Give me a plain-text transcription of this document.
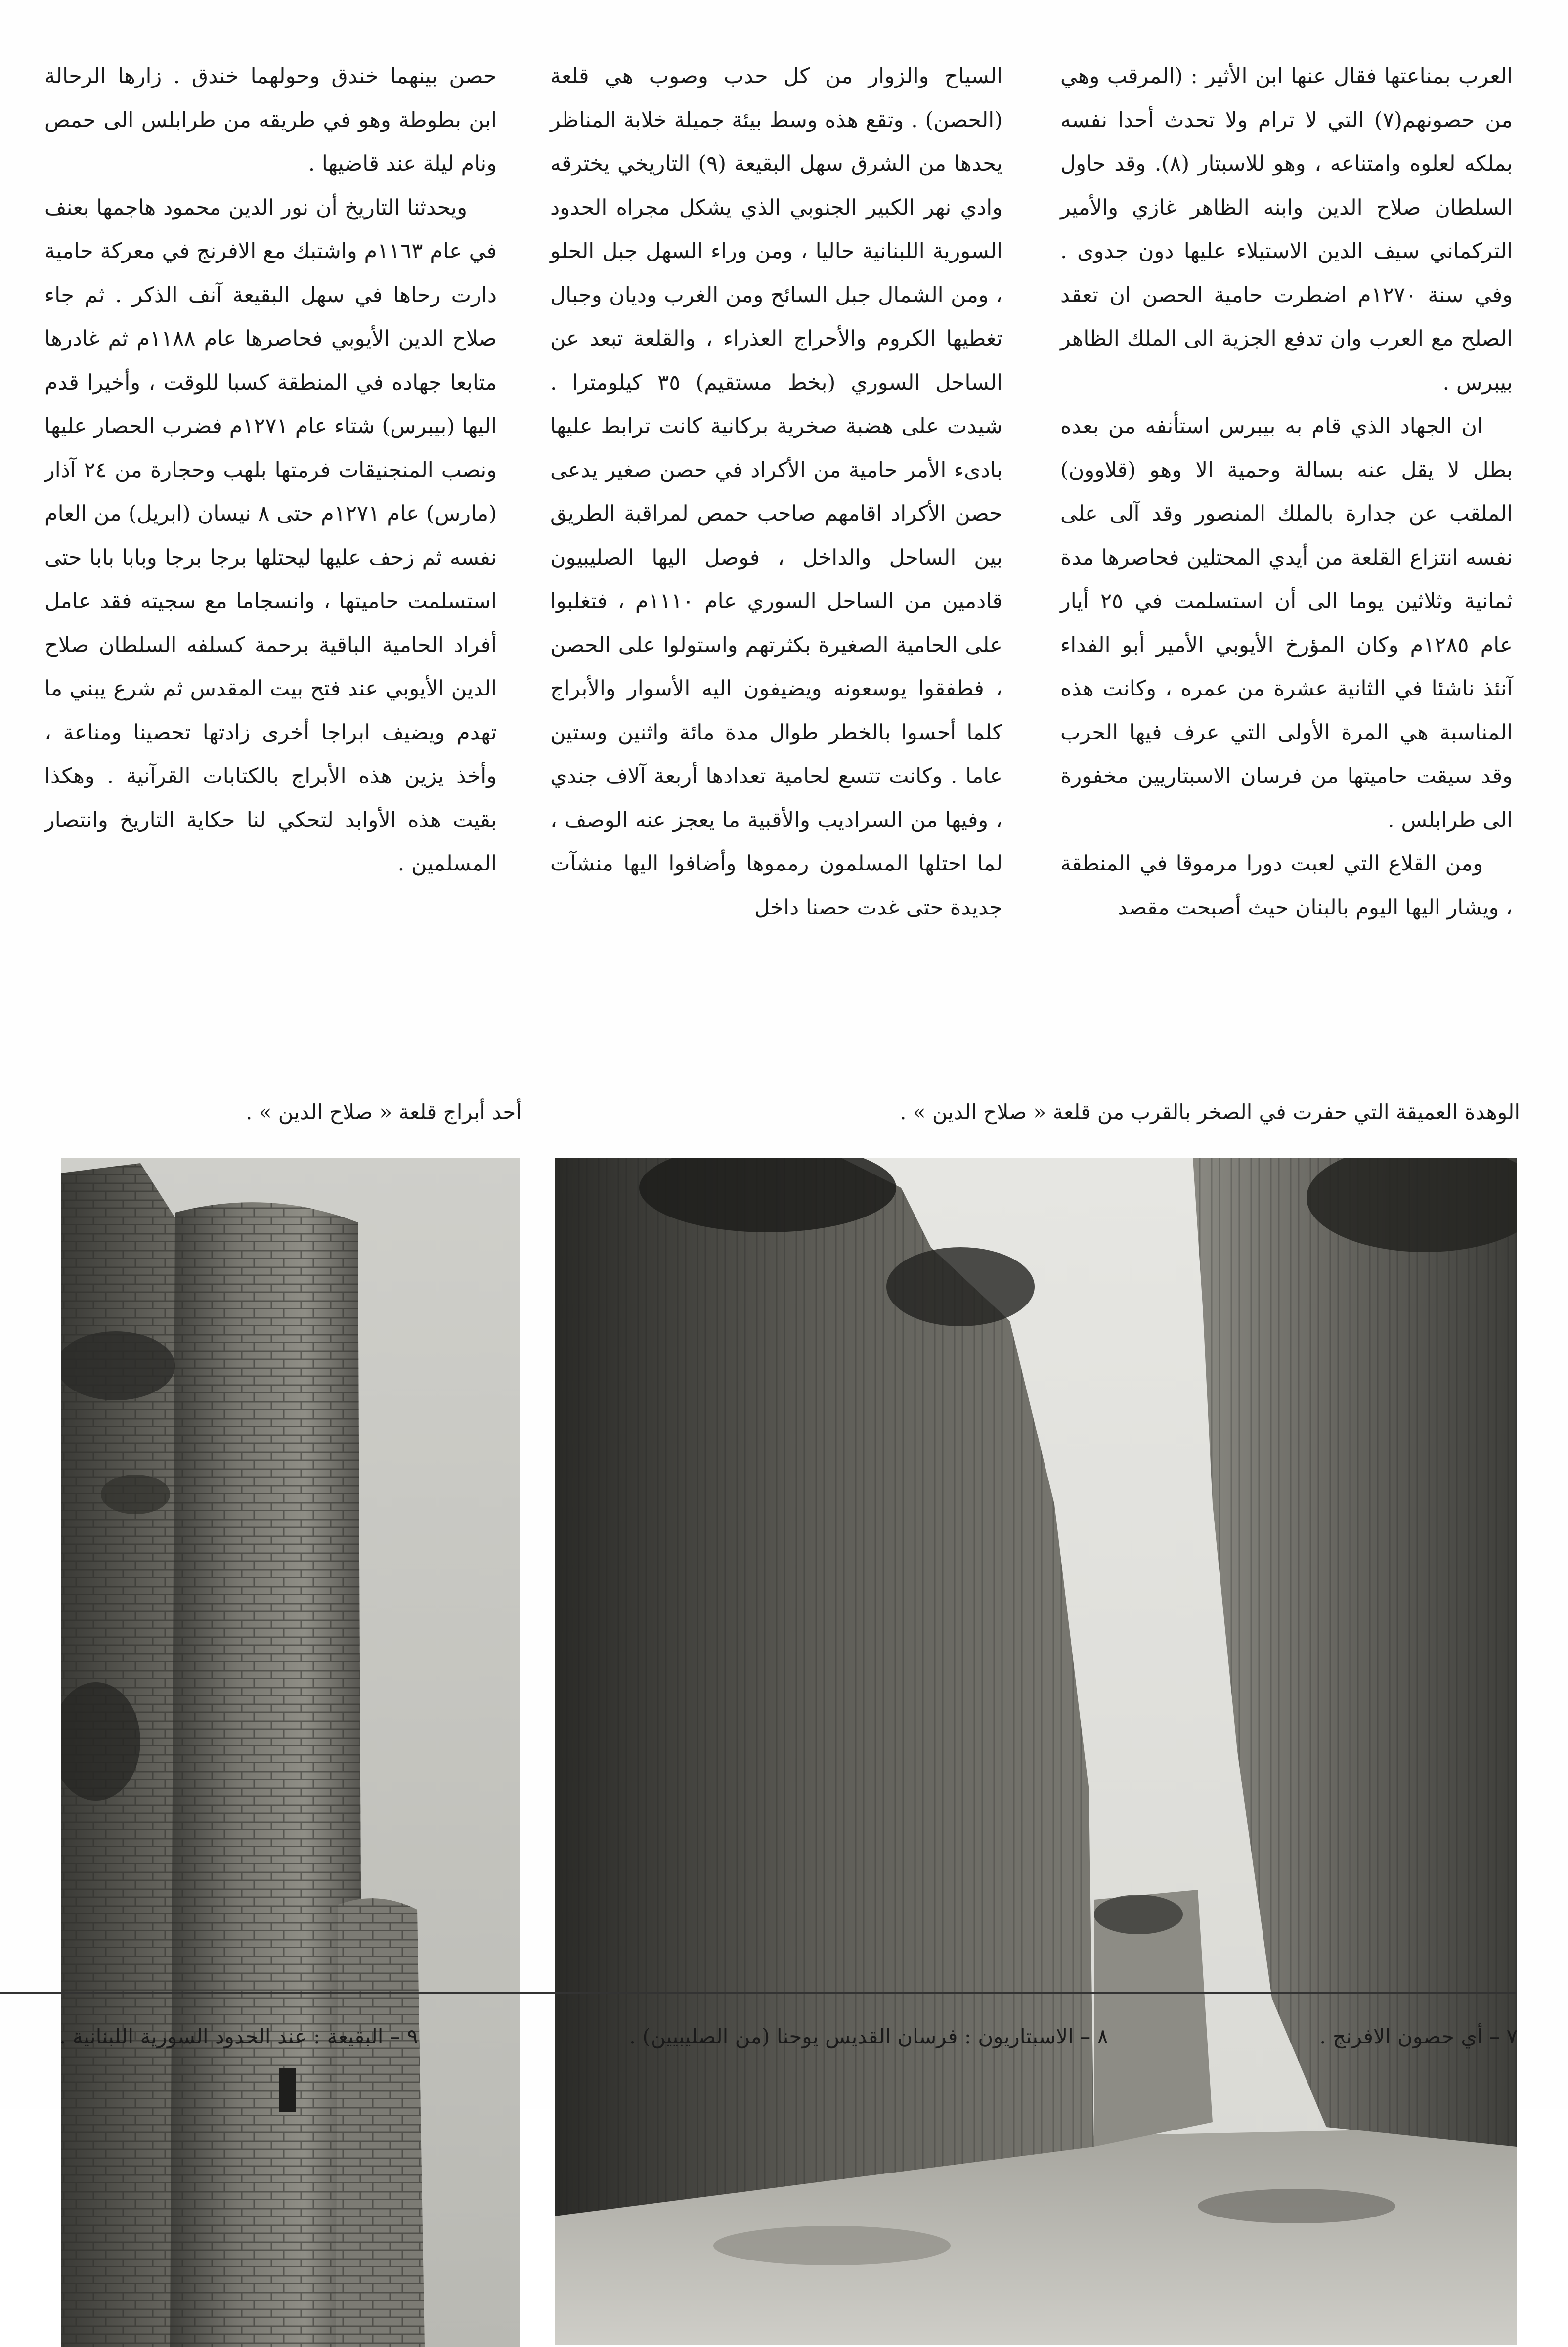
العرب بمناعتها فقال عنها ابن الأثير : (المرقب وهي من حصونهم(٧) التي لا ترام ولا تحدث أحدا نفسه بملكه لعلوه وامتناعه ، وهو للاسبتار (٨). وقد حاول السلطان صلاح الدين وابنه الظاهر غازي والأمير التركماني سيف الدين الاستيلاء عليها دون جدوى . وفي سنة ١٢٧٠م اضطرت حامية الحصن ان تعقد الصلح مع العرب وان تدفع الجزية الى الملك الظاهر بيبرس .

ان الجهاد الذي قام به بيبرس استأنفه من بعده بطل لا يقل عنه بسالة وحمية الا وهو (قلاوون) الملقب عن جدارة بالملك المنصور وقد آلى على نفسه انتزاع القلعة من أيدي المحتلين فحاصرها مدة ثمانية وثلاثين يوما الى أن استسلمت في ٢٥ أيار عام ١٢٨٥م وكان المؤرخ الأيوبي الأمير أبو الفداء آنئذ ناشئا في الثانية عشرة من عمره ، وكانت هذه المناسبة هي المرة الأولى التي عرف فيها الحرب وقد سيقت حاميتها من فرسان الاسبتاريين مخفورة الى طرابلس .

ومن القلاع التي لعبت دورا مرموقا في المنطقة ، ويشار اليها اليوم بالبنان حيث أصبحت مقصد

السياح والزوار من كل حدب وصوب هي قلعة (الحصن) . وتقع هذه وسط بيئة جميلة خلابة المناظر يحدها من الشرق سهل البقيعة (٩) التاريخي يخترقه وادي نهر الكبير الجنوبي الذي يشكل مجراه الحدود السورية اللبنانية حاليا ، ومن وراء السهل جبل الحلو ، ومن الشمال جبل السائح ومن الغرب وديان وجبال تغطيها الكروم والأحراج العذراء ، والقلعة تبعد عن الساحل السوري (بخط مستقيم) ٣٥ كيلومترا . شيدت على هضبة صخرية بركانية كانت ترابط عليها بادىء الأمر حامية من الأكراد في حصن صغير يدعى حصن الأكراد اقامهم صاحب حمص لمراقبة الطريق بين الساحل والداخل ، فوصل اليها الصليبيون قادمين من الساحل السوري عام ١١١٠م ، فتغلبوا على الحامية الصغيرة بكثرتهم واستولوا على الحصن ، فطفقوا يوسعونه ويضيفون اليه الأسوار والأبراج كلما أحسوا بالخطر طوال مدة مائة واثنين وستين عاما . وكانت تتسع لحامية تعدادها أربعة آلاف جندي ، وفيها من السراديب والأقبية ما يعجز عنه الوصف ، لما احتلها المسلمون رمموها وأضافوا اليها منشآت جديدة حتى غدت حصنا داخل

حصن بينهما خندق وحولهما خندق . زارها الرحالة ابن بطوطة وهو في طريقه من طرابلس الى حمص ونام ليلة عند قاضيها .

ويحدثنا التاريخ أن نور الدين محمود هاجمها بعنف في عام ١١٦٣م واشتبك مع الافرنج في معركة حامية دارت رحاها في سهل البقيعة آنف الذكر . ثم جاء صلاح الدين الأيوبي فحاصرها عام ١١٨٨م ثم غادرها متابعا جهاده في المنطقة كسبا للوقت ، وأخيرا قدم اليها (بيبرس) شتاء عام ١٢٧١م فضرب الحصار عليها ونصب المنجنيقات فرمتها بلهب وحجارة من ٢٤ آذار (مارس) عام ١٢٧١م حتى ٨ نيسان (ابريل) من العام نفسه ثم زحف عليها ليحتلها برجا برجا وبابا بابا حتى استسلمت حاميتها ، وانسجاما مع سجيته فقد عامل أفراد الحامية الباقية برحمة كسلفه السلطان صلاح الدين الأيوبي عند فتح بيت المقدس ثم شرع يبني ما تهدم ويضيف ابراجا أخرى زادتها تحصينا ومناعة ، وأخذ يزين هذه الأبراج بالكتابات القرآنية . وهكذا بقيت هذه الأوابد لتحكي لنا حكاية التاريخ وانتصار المسلمين .

الوهدة العميقة التي حفرت في الصخر بالقرب من قلعة « صلاح الدين » .
أحد أبراج قلعة « صلاح الدين » .
٧ – أي حصون الافرنج .
٨ – الاسبتاريون : فرسان القديس يوحنا (من الصليبيين) .
٩ – البقيعة : عند الحدود السورية اللبنانية .
